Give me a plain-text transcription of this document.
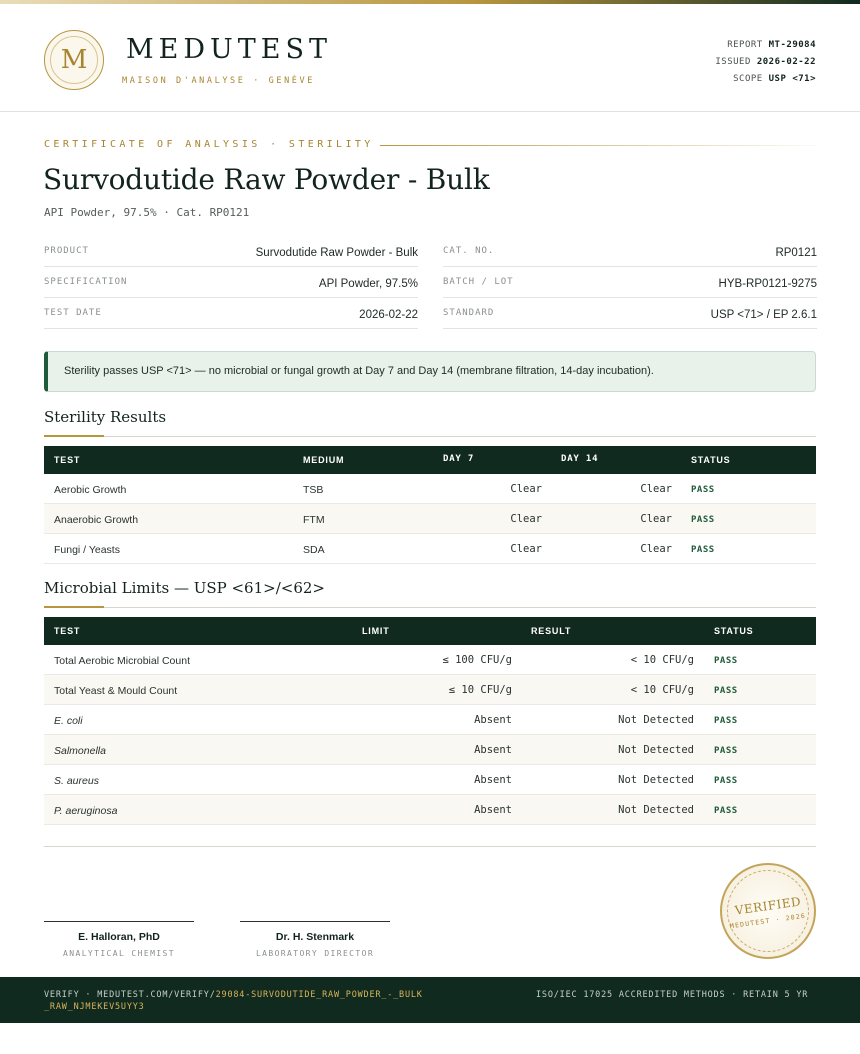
M	MEDUTEST
MAISON D'ANALYSE · GENÈVE
REPORT MT-29084
ISSUED 2026-02-22
SCOPE USP <71>
CERTIFICATE OF ANALYSIS · STERILITY
Survodutide Raw Powder - Bulk
API Powder, 97.5% · Cat. RP0121
PRODUCT	Survodutide Raw Powder - Bulk
SPECIFICATION	API Powder, 97.5%
TEST DATE	2026-02-22
CAT. NO.	RP0121
BATCH / LOT	HYB-RP0121-9275
STANDARD	USP <71> / EP 2.6.1
Sterility passes USP <71> — no microbial or fungal growth at Day 7 and Day 14 (membrane filtration, 14-day incubation).
Sterility Results
TEST	MEDIUM	DAY 7	DAY 14	STATUS
Aerobic Growth	TSB	Clear	Clear PASS
Anaerobic Growth	FTM	Clear	Clear PASS
Fungi / Yeasts	SDA	Clear	Clear PASS
Microbial Limits — USP <61>/<62>
TEST	LIMIT	RESULT	STATUS
Total Aerobic Microbial Count	≤ 100 CFU/g	< 10 CFU/g PASS
Total Yeast & Mould Count	≤ 10 CFU/g	< 10 CFU/g PASS
E. coli	Absent	Not Detected PASS
Salmonella	Absent	Not Detected PASS
S. aureus	Absent	Not Detected PASS
P. aeruginosa	Absent	Not Detected PASS
E. Halloran, PhD
ANALYTICAL CHEMIST
Dr. H. Stenmark
LABORATORY DIRECTOR
VERIFIED
MEDUTEST · 2026
VERIFY · MEDUTEST.COM/VERIFY/29084-SURVODUTIDE_RAW_POWDER_-_BULK_RAW_NJMEKEV5UYY3
ISO/IEC 17025 ACCREDITED METHODS · RETAIN 5 YR
